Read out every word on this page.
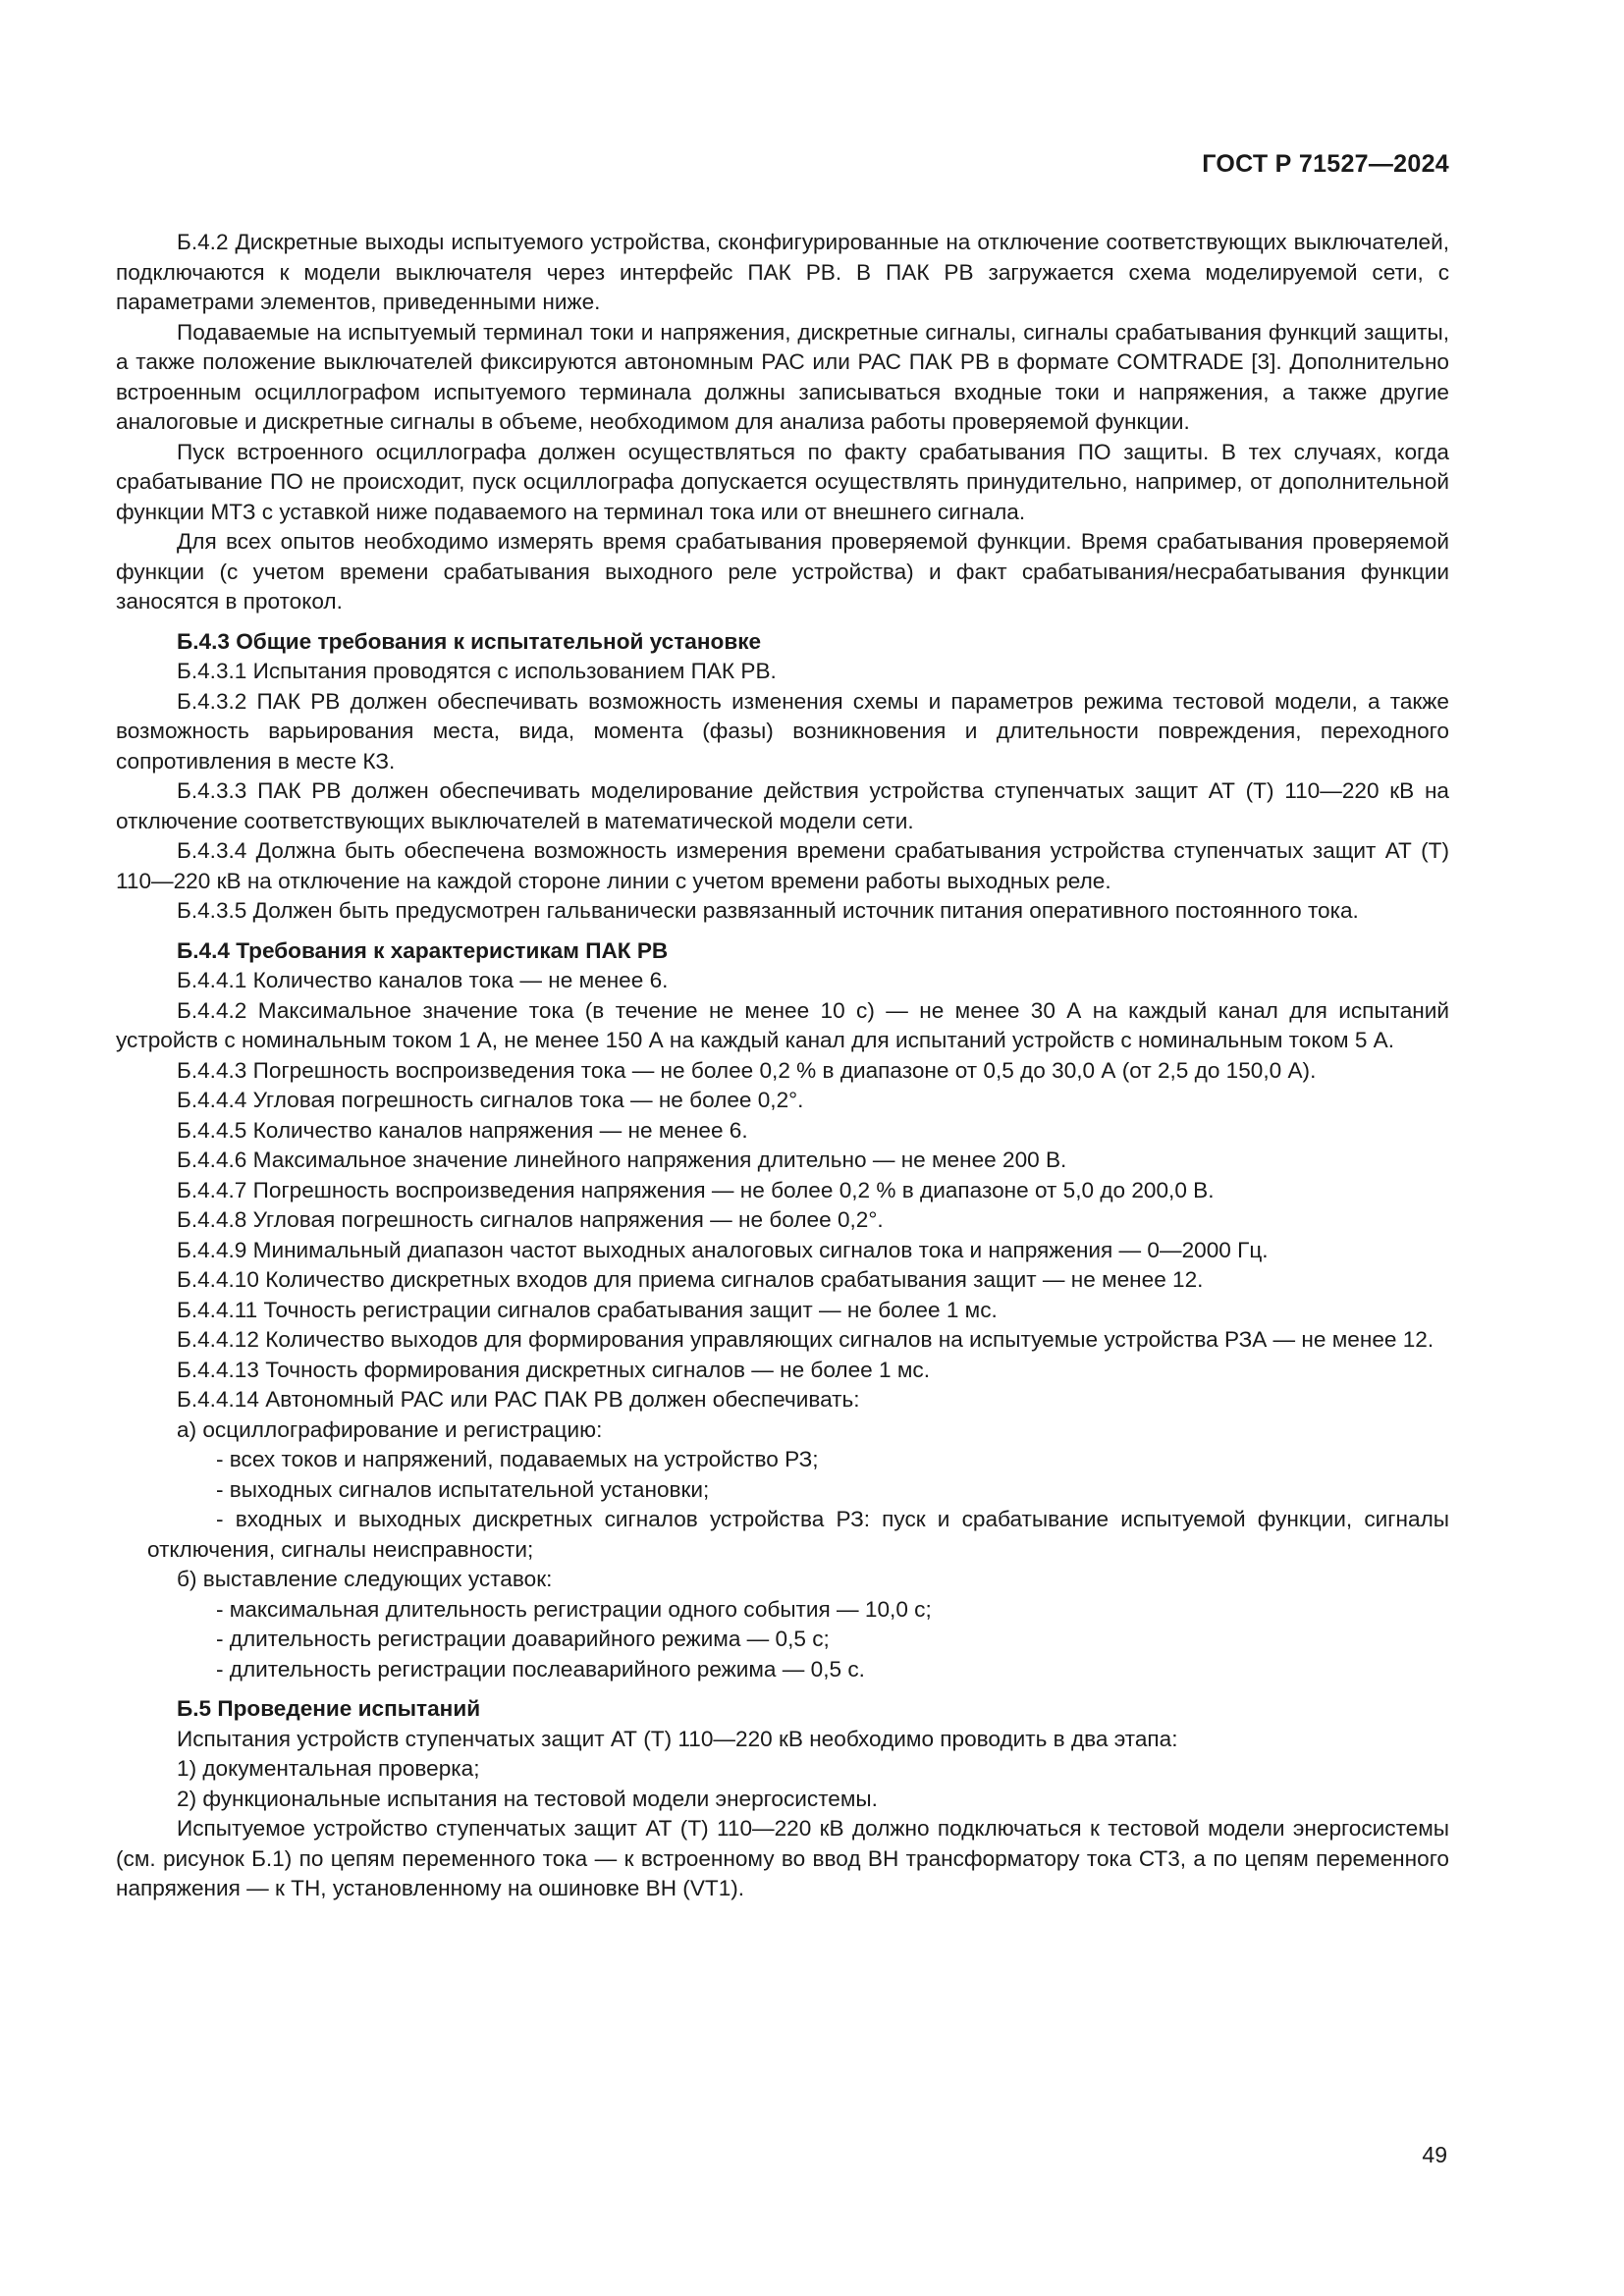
ГОСТ Р 71527—2024

Б.4.2 Дискретные выходы испытуемого устройства, сконфигурированные на отключение соответствующих выключателей, подключаются к модели выключателя через интерфейс ПАК РВ. В ПАК РВ загружается схема моделируемой сети, с параметрами элементов, приведенными ниже.

Подаваемые на испытуемый терминал токи и напряжения, дискретные сигналы, сигналы срабатывания функций защиты, а также положение выключателей фиксируются автономным РАС или РАС ПАК РВ в формате COMTRADE [3]. Дополнительно встроенным осциллографом испытуемого терминала должны записываться входные токи и напряжения, а также другие аналоговые и дискретные сигналы в объеме, необходимом для анализа работы проверяемой функции.

Пуск встроенного осциллографа должен осуществляться по факту срабатывания ПО защиты. В тех случаях, когда срабатывание ПО не происходит, пуск осциллографа допускается осуществлять принудительно, например, от дополнительной функции МТЗ с уставкой ниже подаваемого на терминал тока или от внешнего сигнала.

Для всех опытов необходимо измерять время срабатывания проверяемой функции. Время срабатывания проверяемой функции (с учетом времени срабатывания выходного реле устройства) и факт срабатывания/несрабатывания функции заносятся в протокол.

Б.4.3 Общие требования к испытательной установке

Б.4.3.1 Испытания проводятся с использованием ПАК РВ.

Б.4.3.2 ПАК РВ должен обеспечивать возможность изменения схемы и параметров режима тестовой модели, а также возможность варьирования места, вида, момента (фазы) возникновения и длительности повреждения, переходного сопротивления в месте КЗ.

Б.4.3.3 ПАК РВ должен обеспечивать моделирование действия устройства ступенчатых защит АТ (Т) 110—220 кВ на отключение соответствующих выключателей в математической модели сети.

Б.4.3.4 Должна быть обеспечена возможность измерения времени срабатывания устройства ступенчатых защит АТ (Т) 110—220 кВ на отключение на каждой стороне линии с учетом времени работы выходных реле.

Б.4.3.5 Должен быть предусмотрен гальванически развязанный источник питания оперативного постоянного тока.

Б.4.4 Требования к характеристикам ПАК РВ

Б.4.4.1 Количество каналов тока — не менее 6.

Б.4.4.2 Максимальное значение тока (в течение не менее 10 с) — не менее 30 А на каждый канал для испытаний устройств с номинальным током 1 А, не менее 150 А на каждый канал для испытаний устройств с номинальным током 5 А.

Б.4.4.3 Погрешность воспроизведения тока — не более 0,2 % в диапазоне от 0,5 до 30,0 А (от 2,5 до 150,0 А).

Б.4.4.4 Угловая погрешность сигналов тока — не более 0,2°.

Б.4.4.5 Количество каналов напряжения — не менее 6.

Б.4.4.6 Максимальное значение линейного напряжения длительно — не менее 200 В.

Б.4.4.7 Погрешность воспроизведения напряжения — не более 0,2 % в диапазоне от 5,0 до 200,0 В.

Б.4.4.8 Угловая погрешность сигналов напряжения — не более 0,2°.

Б.4.4.9 Минимальный диапазон частот выходных аналоговых сигналов тока и напряжения — 0—2000 Гц.

Б.4.4.10 Количество дискретных входов для приема сигналов срабатывания защит — не менее 12.

Б.4.4.11 Точность регистрации сигналов срабатывания защит — не более 1 мс.

Б.4.4.12 Количество выходов для формирования управляющих сигналов на испытуемые устройства РЗА — не менее 12.

Б.4.4.13 Точность формирования дискретных сигналов — не более 1 мс.

Б.4.4.14 Автономный РАС или РАС ПАК РВ должен обеспечивать:

а) осциллографирование и регистрацию:

- всех токов и напряжений, подаваемых на устройство РЗ;

- выходных сигналов испытательной установки;

- входных и выходных дискретных сигналов устройства РЗ: пуск и срабатывание испытуемой функции, сигналы отключения, сигналы неисправности;

б) выставление следующих уставок:

- максимальная длительность регистрации одного события — 10,0 с;

- длительность регистрации доаварийного режима — 0,5 с;

- длительность регистрации послеаварийного режима — 0,5 с.

Б.5 Проведение испытаний

Испытания устройств ступенчатых защит АТ (Т) 110—220 кВ необходимо проводить в два этапа:

1) документальная проверка;

2) функциональные испытания на тестовой модели энергосистемы.

Испытуемое устройство ступенчатых защит АТ (Т) 110—220 кВ должно подключаться к тестовой модели энергосистемы (см. рисунок Б.1) по цепям переменного тока — к встроенному во ввод ВН трансформатору тока СТ3, а по цепям переменного напряжения — к ТН, установленному на ошиновке ВН (VT1).

49
